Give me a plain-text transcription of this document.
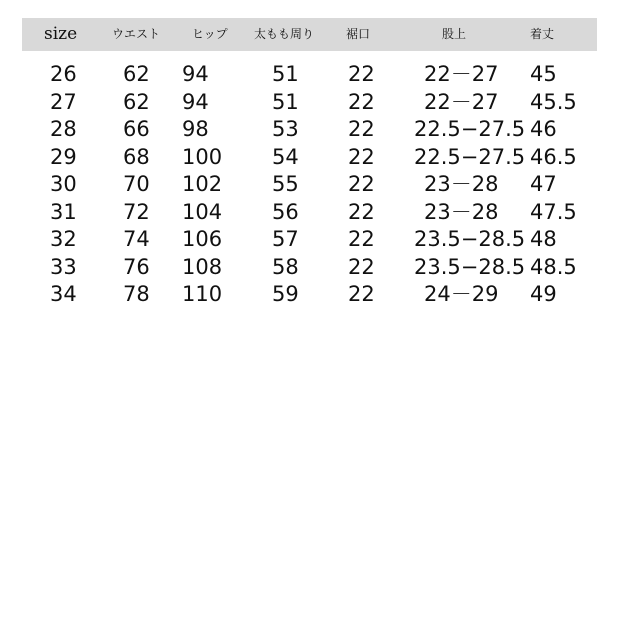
size	ウエスト	ヒップ 太もも周り	裾口	股上	着丈
26 62 94	51 22 22－27 45
27 62 94	51 22 22－27 45.5
28 66 98	53 22 22.5−27.5 46
29 68 100 54 22 22.5−27.5 46.5
30 70 102 55 22 23－28 47
31 72 104 56 22 23－28 47.5
32 74 106 57 22 23.5−28.5 48
33 76 108 58 22 23.5−28.5 48.5
34 78 110 59 22 24－29 49
